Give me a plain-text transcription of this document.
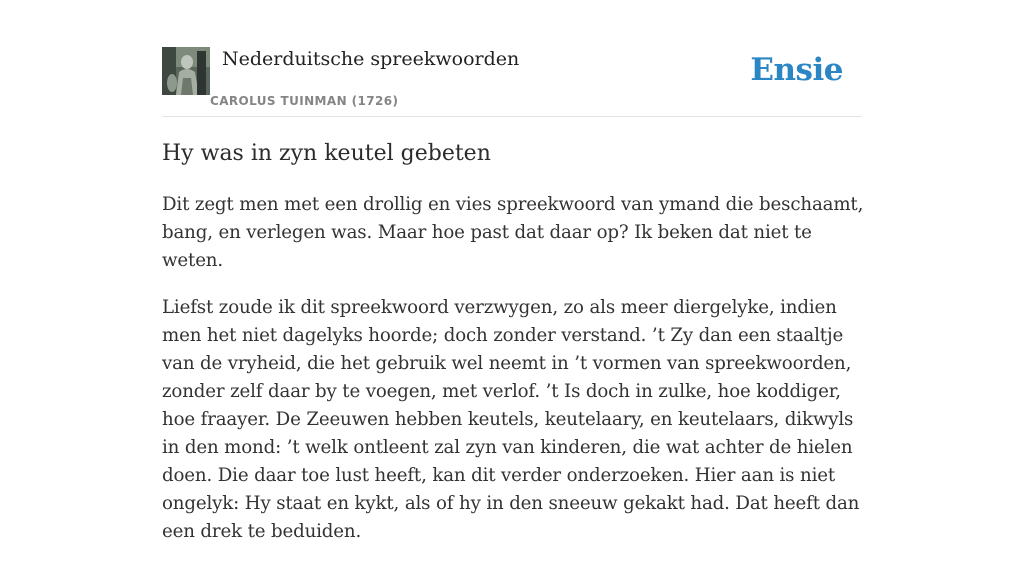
Nederduitsche spreekwoorden
CAROLUS TUINMAN (1726)
Ensie
Hy was in zyn keutel gebeten

Dit zegt men met een drollig en vies spreekwoord van ymand die beschaamt, bang, en verlegen was. Maar hoe past dat daar op? Ik beken dat niet te weten.

Liefst zoude ik dit spreekwoord verzwygen, zo als meer diergelyke, indien men het niet dagelyks hoorde; doch zonder verstand. ’t Zy dan een staaltje van de vryheid, die het gebruik wel neemt in ’t vormen van spreekwoorden, zonder zelf daar by te voegen, met verlof. ’t Is doch in zulke, hoe koddiger, hoe fraayer. De Zeeuwen hebben keutels, keutelaary, en keutelaars, dikwyls in den mond: ’t welk ontleent zal zyn van kinderen, die wat achter de hielen doen. Die daar toe lust heeft, kan dit verder onderzoeken. Hier aan is niet ongelyk: Hy staat en kykt, als of hy in den sneeuw gekakt had. Dat heeft dan een drek te beduiden.
